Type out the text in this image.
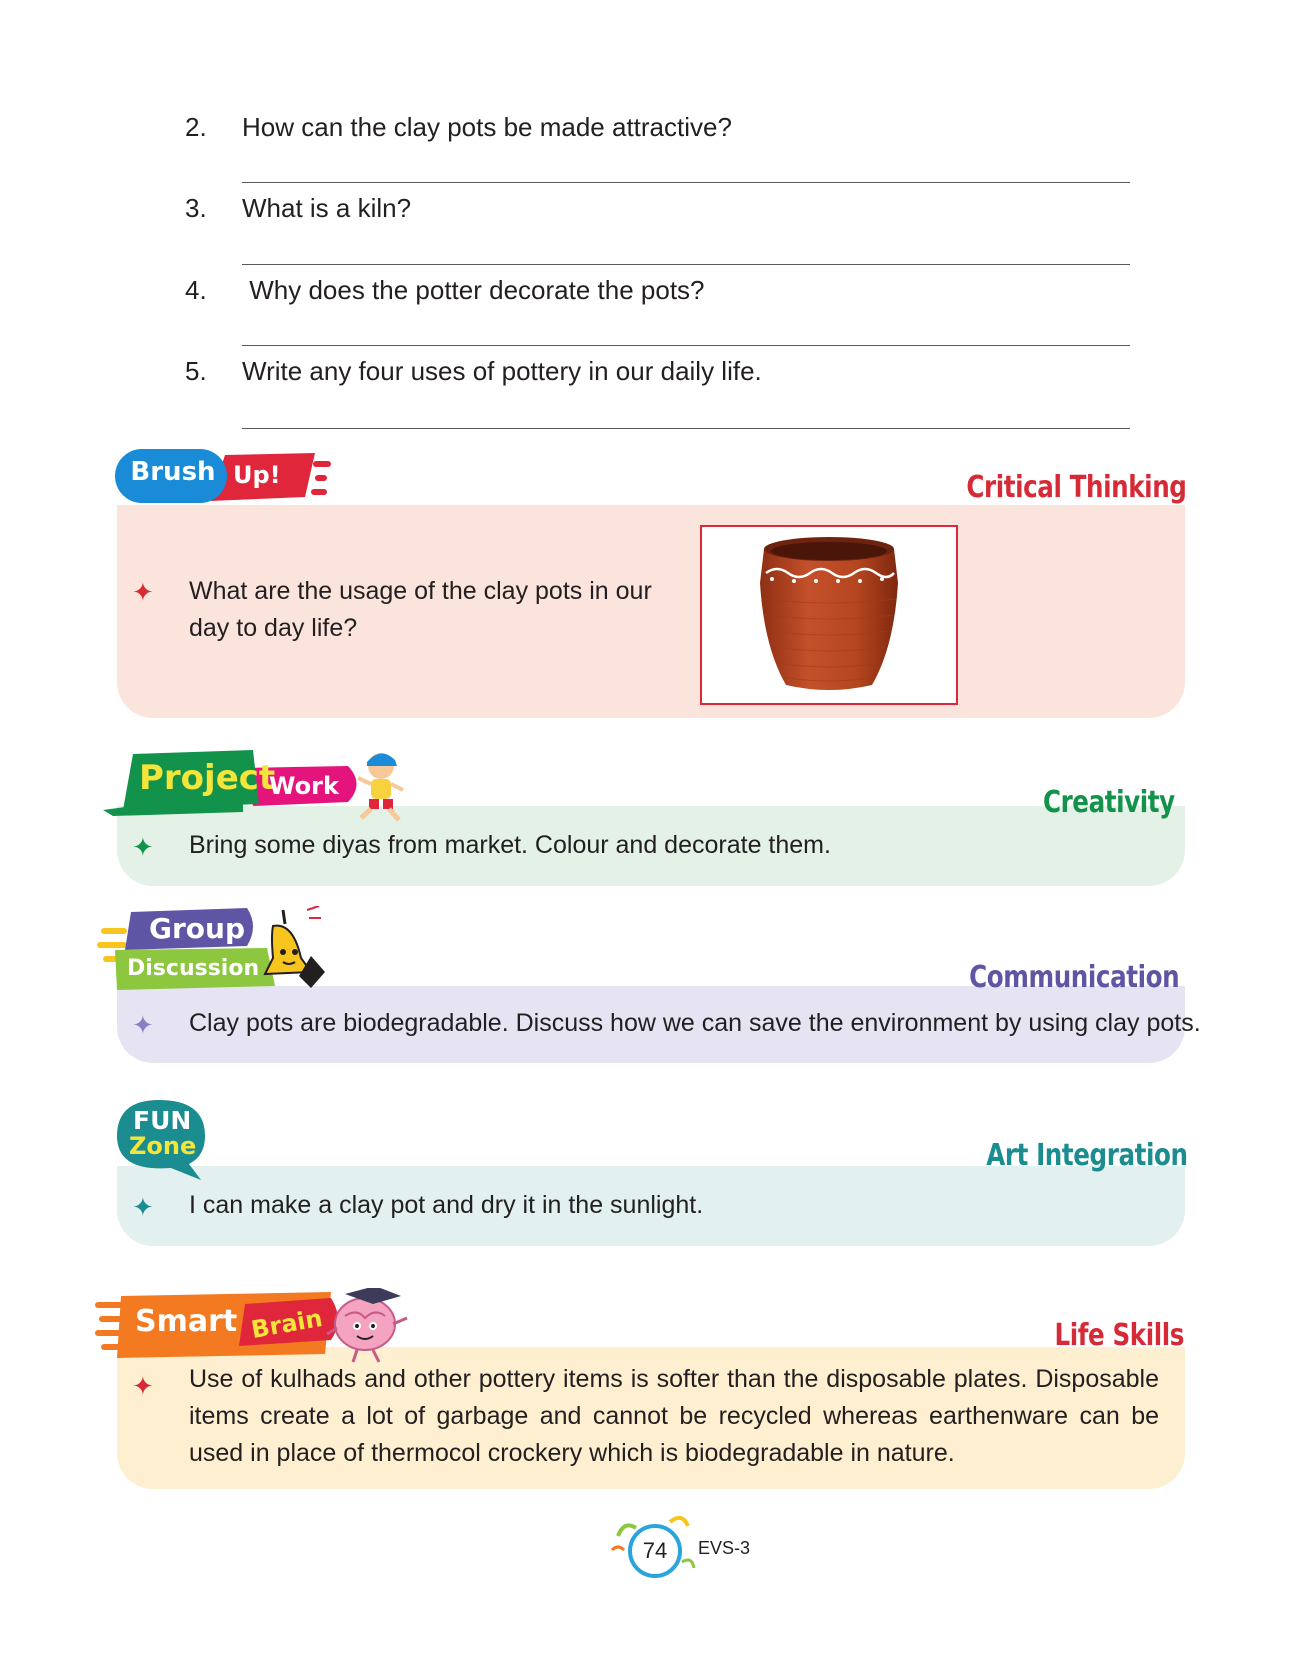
2.	How can the clay pots be made attractive?
3.	What is a kiln?
4.	Why does the potter decorate the pots?
5.	Write any four uses of pottery in our daily life.
✦ What are the usage of the clay pots in our day to day life?
Brush Up!	Critical Thinking
✦ Bring some diyas from market. Colour and decorate them.
Project
Work	Creativity
✦ Clay pots are biodegradable. Discuss how we can save the environment by using clay pots.
Group
Discussion	Communication
✦ I can make a clay pot and dry it in the sunlight.
FUN
Zone	Art Integration
✦ Use of kulhads and other pottery items is softer than the disposable plates. Disposable items create a lot of garbage and cannot be recycled whereas earthenware can be used in place of thermocol crockery which is biodegradable in nature.
Smart Brain	Life Skills
74	EVS-3
